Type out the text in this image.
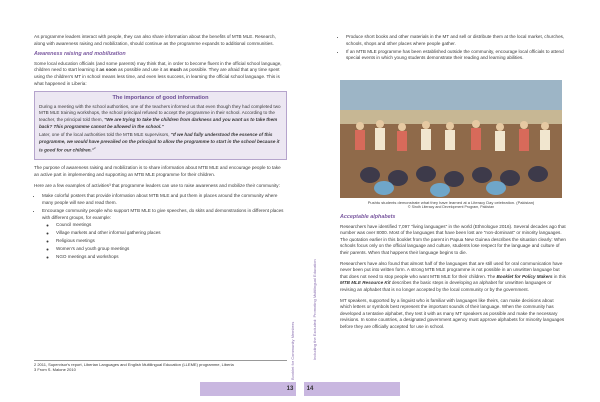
As programme leaders interact with people, they can also share information about the benefits of MTB MLE. Research, along with awareness raising and mobilization, should continue as the programme expands to additional communities.

Awareness raising and mobilization

Some local education officials (and some parents) may think that, in order to become fluent in the official school language, children need to start learning it as soon as possible and use it as much as possible. They are afraid that any time spent using the children's MT in school means less time, and even less success, in learning the official school language. This is what happened in Liberia:

The importance of good information

During a meeting with the school authorities, one of the teachers informed us that even though they had completed two MTB MLE training workshops, the school principal refused to accept the programme in their school. According to the teacher, the principal told them, "We are trying to take the children from darkness and you want us to take them back? This programme cannot be allowed in the school."

Later, one of the local authorities told the MTB MLE supervisors, "If we had fully understood the essence of this programme, we would have prevailed on the principal to allow the programme to start in the school because it is good for our children."$^2$

The purpose of awareness raising and mobilization is to share information about MTB MLE and encourage people to take an active part in implementing and supporting an MTB MLE programme for their children.

Here are a few examples of activities³ that programme leaders can use to raise awareness and mobilize their community:

• Make colorful posters that provide information about MTB MLE and put them in places around the community where many people will see and read them.
• Encourage community people who support MTB MLE to give speeches, do skits and demonstrations in different places with different groups, for example:
◦ Council meetings
◦ Village markets and other informal gathering places
◦ Religious meetings
◦ Women's and youth group meetings
◦ NGO meetings and workshops
2 2011, Supervisor's report, Liberian Languages and English Multilingual Education (LLEME) programme, Liberia
3 From S. Malone 2010	Booklet for Community Members
13	14
Including the Excluded: Promoting Multilingual Education
• Produce short books and other materials in the MT and sell or distribute them at the local market, churches, schools, shops and other places where people gather.
• If an MTB MLE programme has been established outside the community, encourage local officials to attend special events in which young students demonstrate their reading and learning abilities.
Pushtu students demonstrate what they have learned at a Literacy Day celebration. (Pakistan)
© Sindh Literacy and Development Program, Pakistan
Acceptable alphabets

Researchers have identified 7,097 "living languages" in the world (Ethnologue 2016). Several decades ago that number was over 8000. Most of the languages that have been lost are "non-dominant" or minority languages. The quotation earlier in this booklet from the parent in Papua New Guinea describes the situation clearly: When schools focus only on the official language and culture, students lose respect for the language and culture of their parents. When that happens their language begins to die.

Researchers have also found that almost half of the languages that are still used for oral communication have never been put into written form. A strong MTB MLE programme is not possible in an unwritten language but that does not need to stop people who want MTB MLE for their children. The Booklet for Policy Makers in this MTB MLE Resource Kit describes the basic steps in developing an alphabet for unwritten languages or revising an alphabet that is no longer accepted by the local community or by the government.

MT speakers, supported by a linguist who is familiar with languages like theirs, can make decisions about which letters or symbols best represent the important sounds of their language. When the community has developed a tentative alphabet, they test it with as many MT speakers as possible and make the necessary revisions. In some countries, a designated government agency must approve alphabets for minority languages before they are officially accepted for use in school.
